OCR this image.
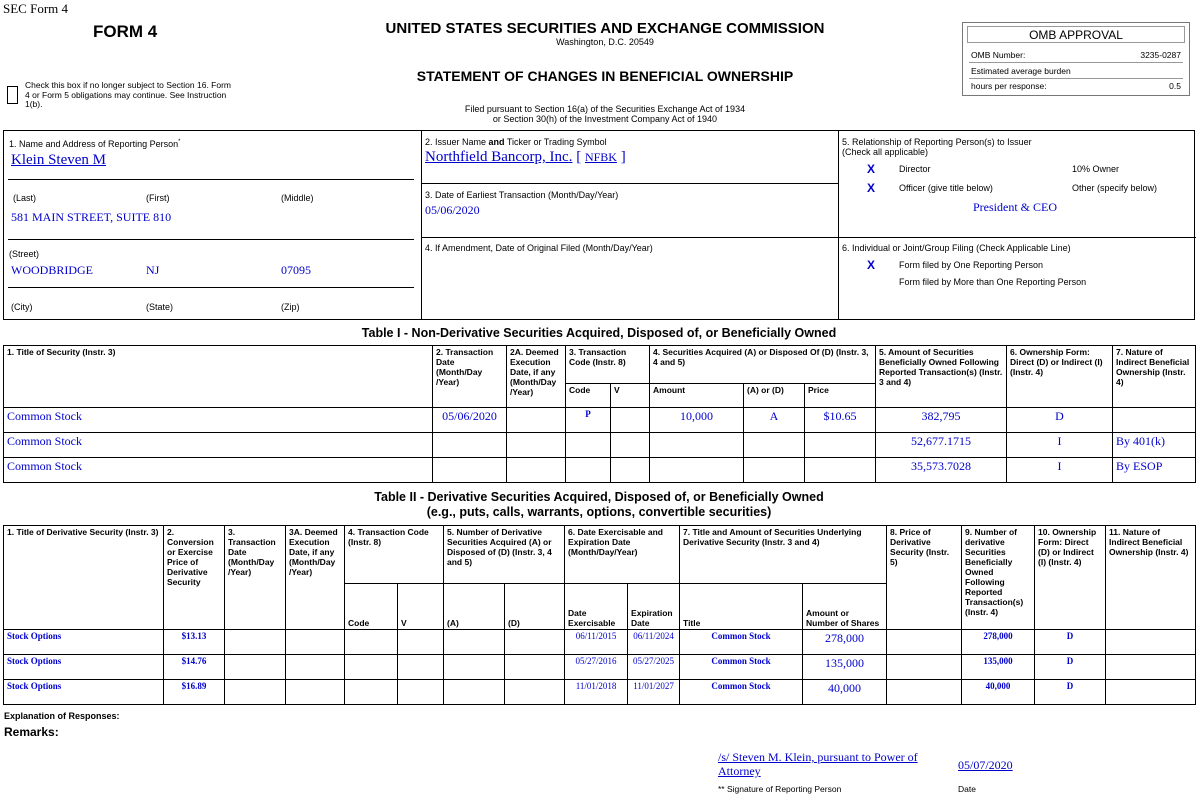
SEC Form 4
FORM 4	UNITED STATES SECURITIES AND EXCHANGE COMMISSION
Washington, D.C. 20549
STATEMENT OF CHANGES IN BENEFICIAL OWNERSHIP
Filed pursuant to Section 16(a) of the Securities Exchange Act of 1934
or Section 30(h) of the Investment Company Act of 1940
Check this box if no longer subject to Section 16. Form 4 or Form 5 obligations may continue. See Instruction 1(b).
OMB APPROVAL
OMB Number:	3235-0287
Estimated average burden
hours per response:	0.5
1. Name and Address of Reporting Person*
Klein Steven M
(Last)	(First)	(Middle)
581 MAIN STREET, SUITE 810
(Street)
WOODBRIDGE	NJ	07095
(City)	(State)	(Zip)
2. Issuer Name and Ticker or Trading Symbol
Northfield Bancorp, Inc. [ NFBK ]
3. Date of Earliest Transaction (Month/Day/Year)
05/06/2020
4. If Amendment, Date of Original Filed (Month/Day/Year)
5. Relationship of Reporting Person(s) to Issuer
(Check all applicable)
X	Director	10% Owner
X	Officer (give title below)	Other (specify below)
President & CEO
6. Individual or Joint/Group Filing (Check Applicable Line)
X	Form filed by One Reporting Person
Form filed by More than One Reporting Person
Table I - Non-Derivative Securities Acquired, Disposed of, or Beneficially Owned
1. Title of Security (Instr. 3)	2. Transaction Date (Month/Day /Year)	2A. Deemed Execution Date, if any (Month/Day /Year)	3. Transaction Code (Instr. 8)		4. Securities Acquired (A) or Disposed Of (D) (Instr. 3, 4 and 5)			5. Amount of Securities Beneficially Owned Following Reported Transaction(s) (Instr. 3 and 4)	6. Ownership Form: Direct (D) or Indirect (I) (Instr. 4)	7. Nature of Indirect Beneficial Ownership (Instr. 4)
			Code	V	Amount	(A) or (D)	Price			
Common Stock	05/06/2020		P		10,000	A	$10.65	382,795	D	
Common Stock								52,677.1715	I	By 401(k)
Common Stock								35,573.7028	I	By ESOP
Table II - Derivative Securities Acquired, Disposed of, or Beneficially Owned
(e.g., puts, calls, warrants, options, convertible securities)
1. Title of Derivative Security (Instr. 3)	2. Conversion or Exercise Price of Derivative Security	3. Transaction Date (Month/Day /Year)	3A. Deemed Execution Date, if any (Month/Day /Year)	4. Transaction Code (Instr. 8)		5. Number of Derivative Securities Acquired (A) or Disposed of (D) (Instr. 3, 4 and 5)		6. Date Exercisable and Expiration Date (Month/Day/Year)		7. Title and Amount of Securities Underlying Derivative Security (Instr. 3 and 4)		8. Price of Derivative Security (Instr. 5)	9. Number of derivative Securities Beneficially Owned Following Reported Transaction(s) (Instr. 4)	10. Ownership Form: Direct (D) or Indirect (I) (Instr. 4)	11. Nature of Indirect Beneficial Ownership (Instr. 4)
				Code	V	(A)	(D)	Date Exercisable	Expiration Date	Title	Amount or Number of Shares				
Stock Options	$13.13							06/11/2015	06/11/2024	Common Stock	278,000		278,000	D	
Stock Options	$14.76							05/27/2016	05/27/2025	Common Stock	135,000		135,000	D	
Stock Options	$16.89							11/01/2018	11/01/2027	Common Stock	40,000		40,000	D	
Explanation of Responses:
Remarks:
/s/ Steven M. Klein, pursuant to Power of Attorney	05/07/2020
** Signature of Reporting Person	Date
